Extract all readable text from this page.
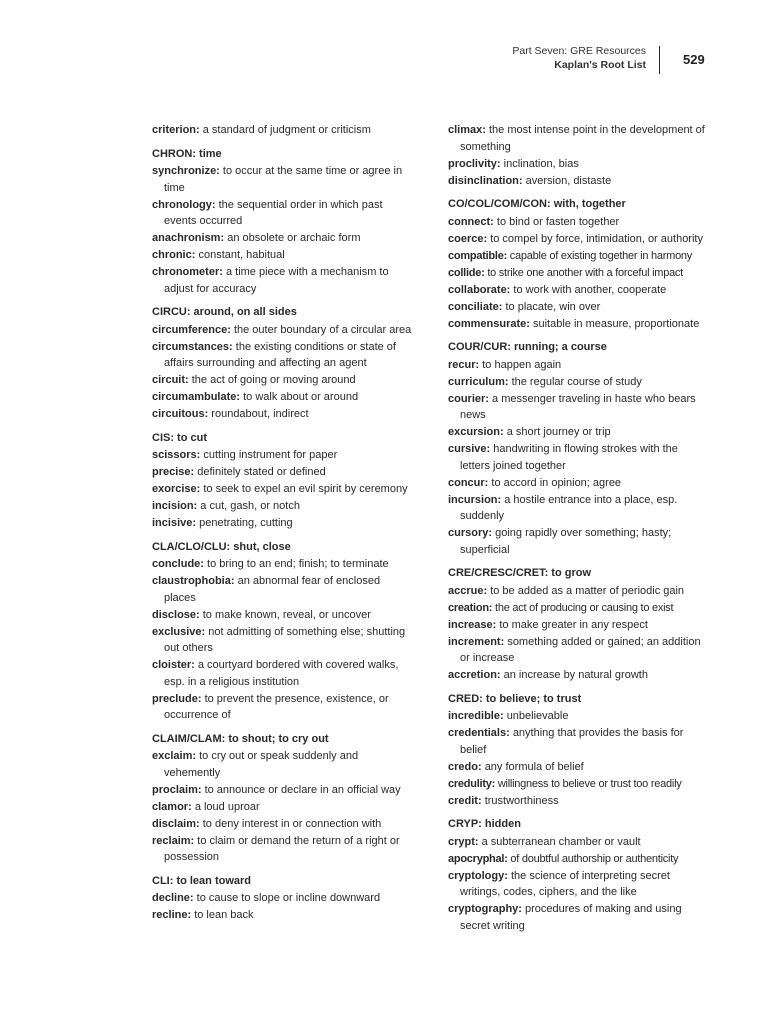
Part Seven: GRE Resources
Kaplan's Root List	529
criterion: a standard of judgment or criticism
CHRON: time
synchronize: to occur at the same time or agree in time
chronology: the sequential order in which past events occurred
anachronism: an obsolete or archaic form
chronic: constant, habitual
chronometer: a time piece with a mechanism to adjust for accuracy
CIRCU: around, on all sides
circumference: the outer boundary of a circular area
circumstances: the existing conditions or state of affairs surrounding and affecting an agent
circuit: the act of going or moving around
circumambulate: to walk about or around
circuitous: roundabout, indirect
CIS: to cut
scissors: cutting instrument for paper
precise: definitely stated or defined
exorcise: to seek to expel an evil spirit by ceremony
incision: a cut, gash, or notch
incisive: penetrating, cutting
CLA/CLO/CLU: shut, close
conclude: to bring to an end; finish; to terminate
claustrophobia: an abnormal fear of enclosed places
disclose: to make known, reveal, or uncover
exclusive: not admitting of something else; shutting out others
cloister: a courtyard bordered with covered walks, esp. in a religious institution
preclude: to prevent the presence, existence, or occurrence of
CLAIM/CLAM: to shout; to cry out
exclaim: to cry out or speak suddenly and vehemently
proclaim: to announce or declare in an official way
clamor: a loud uproar
disclaim: to deny interest in or connection with
reclaim: to claim or demand the return of a right or possession
CLI: to lean toward
decline: to cause to slope or incline downward
recline: to lean back
climax: the most intense point in the development of something
proclivity: inclination, bias
disinclination: aversion, distaste
CO/COL/COM/CON: with, together
connect: to bind or fasten together
coerce: to compel by force, intimidation, or authority
compatible: capable of existing together in harmony
collide: to strike one another with a forceful impact
collaborate: to work with another, cooperate
conciliate: to placate, win over
commensurate: suitable in measure, proportionate
COUR/CUR: running; a course
recur: to happen again
curriculum: the regular course of study
courier: a messenger traveling in haste who bears news
excursion: a short journey or trip
cursive: handwriting in flowing strokes with the letters joined together
concur: to accord in opinion; agree
incursion: a hostile entrance into a place, esp. suddenly
cursory: going rapidly over something; hasty; superficial
CRE/CRESC/CRET: to grow
accrue: to be added as a matter of periodic gain
creation: the act of producing or causing to exist
increase: to make greater in any respect
increment: something added or gained; an addition or increase
accretion: an increase by natural growth
CRED: to believe; to trust
incredible: unbelievable
credentials: anything that provides the basis for belief
credo: any formula of belief
credulity: willingness to believe or trust too readily
credit: trustworthiness
CRYP: hidden
crypt: a subterranean chamber or vault
apocryphal: of doubtful authorship or authenticity
cryptology: the science of interpreting secret writings, codes, ciphers, and the like
cryptography: procedures of making and using secret writing
